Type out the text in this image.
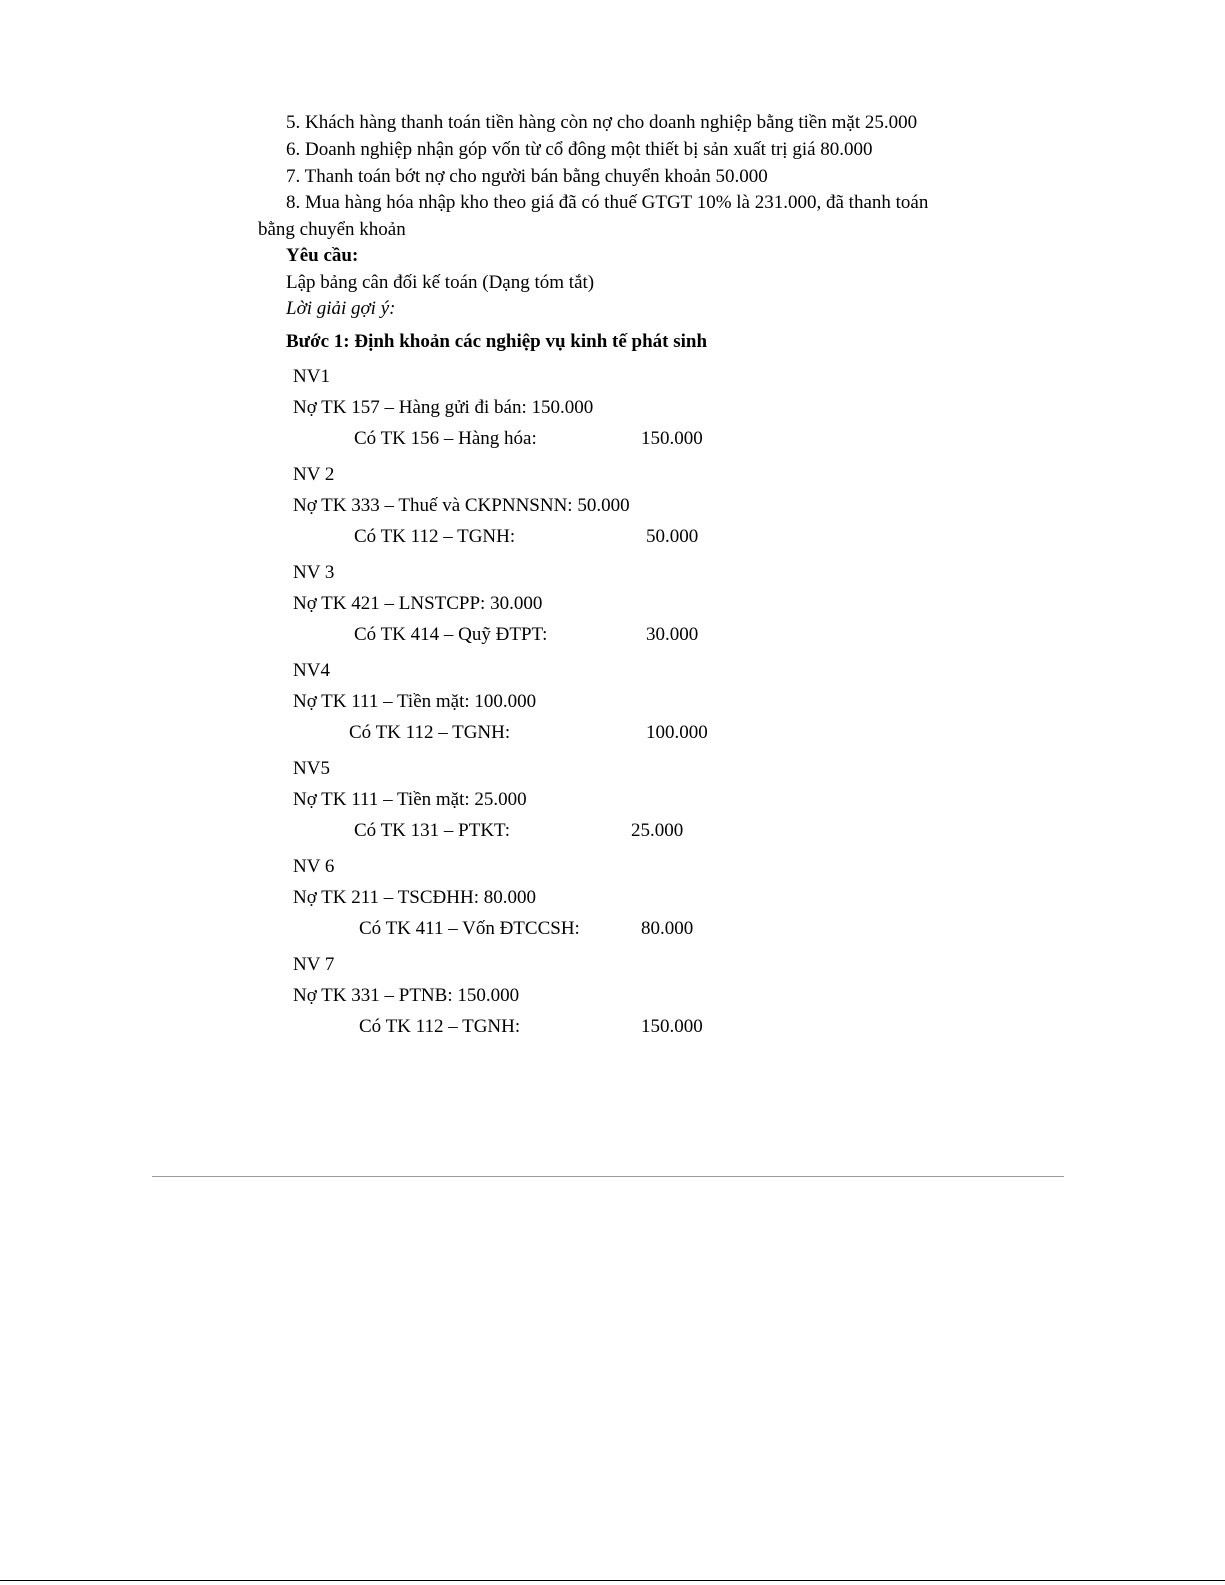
5. Khách hàng thanh toán tiền hàng còn nợ cho doanh nghiệp bằng tiền mặt 25.000

6. Doanh nghiệp nhận góp vốn từ cổ đông một thiết bị sản xuất trị giá 80.000

7. Thanh toán bớt nợ cho người bán bằng chuyển khoản 50.000

8. Mua hàng hóa nhập kho theo giá đã có thuế GTGT 10% là 231.000, đã thanh toán

bằng chuyển khoản

Yêu cầu:

Lập bảng cân đối kế toán (Dạng tóm tắt)

Lời giải gợi ý:

Bước 1: Định khoản các nghiệp vụ kinh tế phát sinh

NV1

Nợ TK 157 – Hàng gửi đi bán: 150.000

Có TK 156 – Hàng hóa:	150.000

NV 2

Nợ TK 333 – Thuế và CKPNNSNN: 50.000

Có TK 112 – TGNH:	50.000

NV 3

Nợ TK 421 – LNSTCPP: 30.000

Có TK 414 – Quỹ ĐTPT:	30.000

NV4

Nợ TK 111 – Tiền mặt: 100.000

Có TK 112 – TGNH:	100.000

NV5

Nợ TK 111 – Tiền mặt: 25.000

Có TK 131 – PTKT:	25.000

NV 6

Nợ TK 211 – TSCĐHH: 80.000

Có TK 411 – Vốn ĐTCCSH:	80.000

NV 7

Nợ TK 331 – PTNB: 150.000

Có TK 112 – TGNH:	150.000
